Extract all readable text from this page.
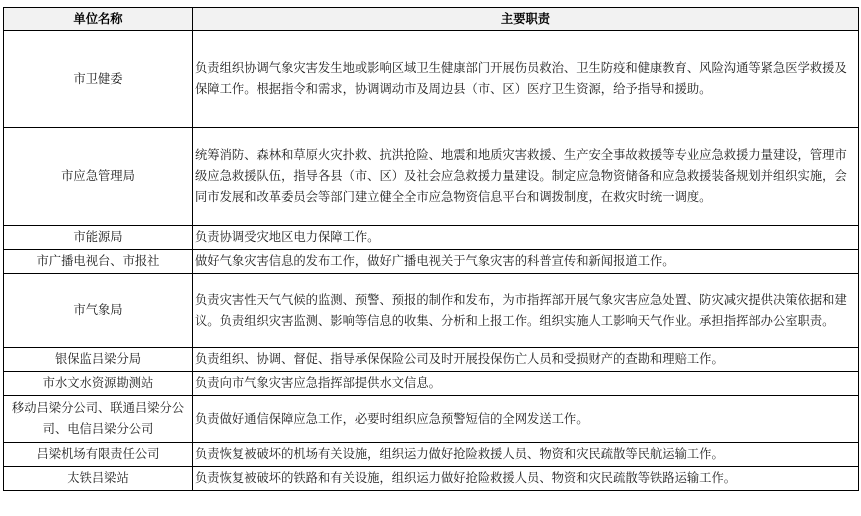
单位名称	主要职责
市卫健委	负责组织协调气象灾害发生地或影响区域卫生健康部门开展伤员救治、卫生防疫和健康教育、风险沟通等紧急医学救援及保障工作。根据指令和需求，协调调动市及周边县（市、区）医疗卫生资源，给予指导和援助。
市应急管理局	统筹消防、森林和草原火灾扑救、抗洪抢险、地震和地质灾害救援、生产安全事故救援等专业应急救援力量建设，管理市级应急救援队伍，指导各县（市、区）及社会应急救援力量建设。制定应急物资储备和应急救援装备规划并组织实施，会同市发展和改革委员会等部门建立健全全市应急物资信息平台和调拨制度，在救灾时统一调度。
市能源局	负责协调受灾地区电力保障工作。
市广播电视台、市报社	做好气象灾害信息的发布工作，做好广播电视关于气象灾害的科普宣传和新闻报道工作。
市气象局	负责灾害性天气气候的监测、预警、预报的制作和发布，为市指挥部开展气象灾害应急处置、防灾减灾提供决策依据和建议。负责组织灾害监测、影响等信息的收集、分析和上报工作。组织实施人工影响天气作业。承担指挥部办公室职责。
银保监吕梁分局	负责组织、协调、督促、指导承保保险公司及时开展投保伤亡人员和受损财产的查勘和理赔工作。
市水文水资源勘测站	负责向市气象灾害应急指挥部提供水文信息。
移动吕梁分公司、联通吕梁分公司、电信吕梁分公司	负责做好通信保障应急工作，必要时组织应急预警短信的全网发送工作。
吕梁机场有限责任公司	负责恢复被破坏的机场有关设施，组织运力做好抢险救援人员、物资和灾民疏散等民航运输工作。
太铁吕梁站	负责恢复被破坏的铁路和有关设施，组织运力做好抢险救援人员、物资和灾民疏散等铁路运输工作。
